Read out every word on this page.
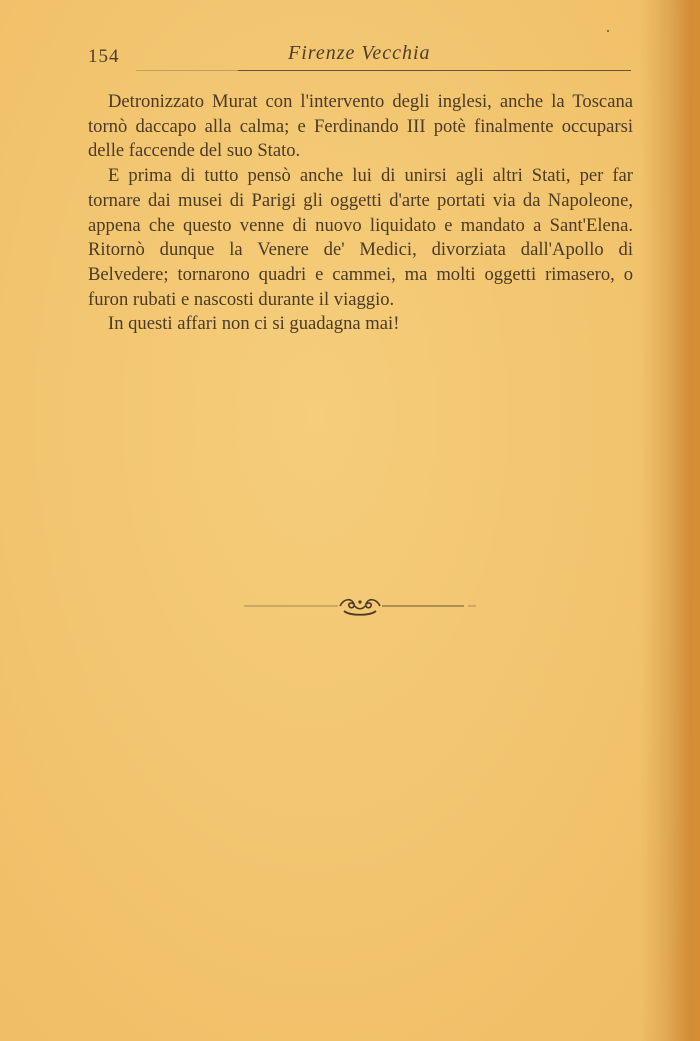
154	Firenze Vecchia

Detronizzato Murat con l'intervento degli inglesi, anche la Toscana tornò daccapo alla calma; e Ferdinando III potè finalmente occuparsi delle faccende del suo Stato.

E prima di tutto pensò anche lui di unirsi agli altri Stati, per far tornare dai musei di Parigi gli oggetti d'arte portati via da Napoleone, appena che questo venne di nuovo liquidato e mandato a Sant'Elena. Ritornò dunque la Venere de' Medici, divorziata dall'Apollo di Belvedere; tornarono quadri e cammei, ma molti oggetti rimasero, o furon rubati e nascosti durante il viaggio.

In questi affari non ci si guadagna mai!
